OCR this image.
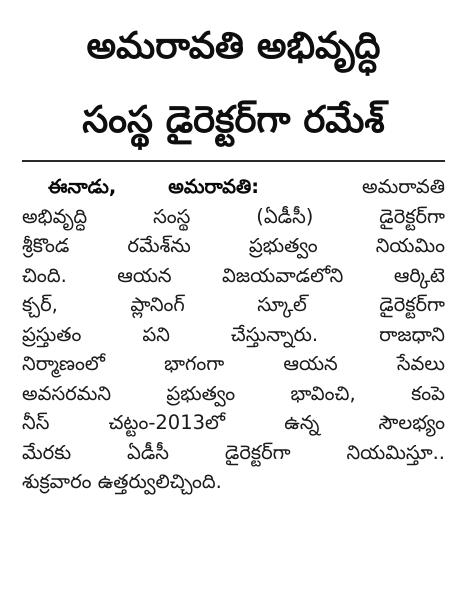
అమరావతి అభివృద్ధి
సంస్థ డైరెక్టర్‌గా రమేశ్
ఈనాడు, అమరావతి:	అమరావతి
అభివృద్ధి సంస్థ (ఏడీసీ) డైరెక్టర్‌గా
శ్రీకొండ రమేశ్‌ను ప్రభుత్వం నియమిం
చింది. ఆయన విజయవాడలోని ఆర్కిటె
క్చర్, ప్లానింగ్ స్కూల్ డైరెక్టర్‌గా
ప్రస్తుతం పని చేస్తున్నారు. రాజధాని
నిర్మాణంలో భాగంగా ఆయన సేవలు
అవసరమని ప్రభుత్వం భావించి, కంపె
నీస్ చట్టం-2013లో ఉన్న సౌలభ్యం
మేరకు ఏడీసీ డైరెక్టర్‌గా నియమిస్తూ..
శుక్రవారం ఉత్తర్వులిచ్చింది.
